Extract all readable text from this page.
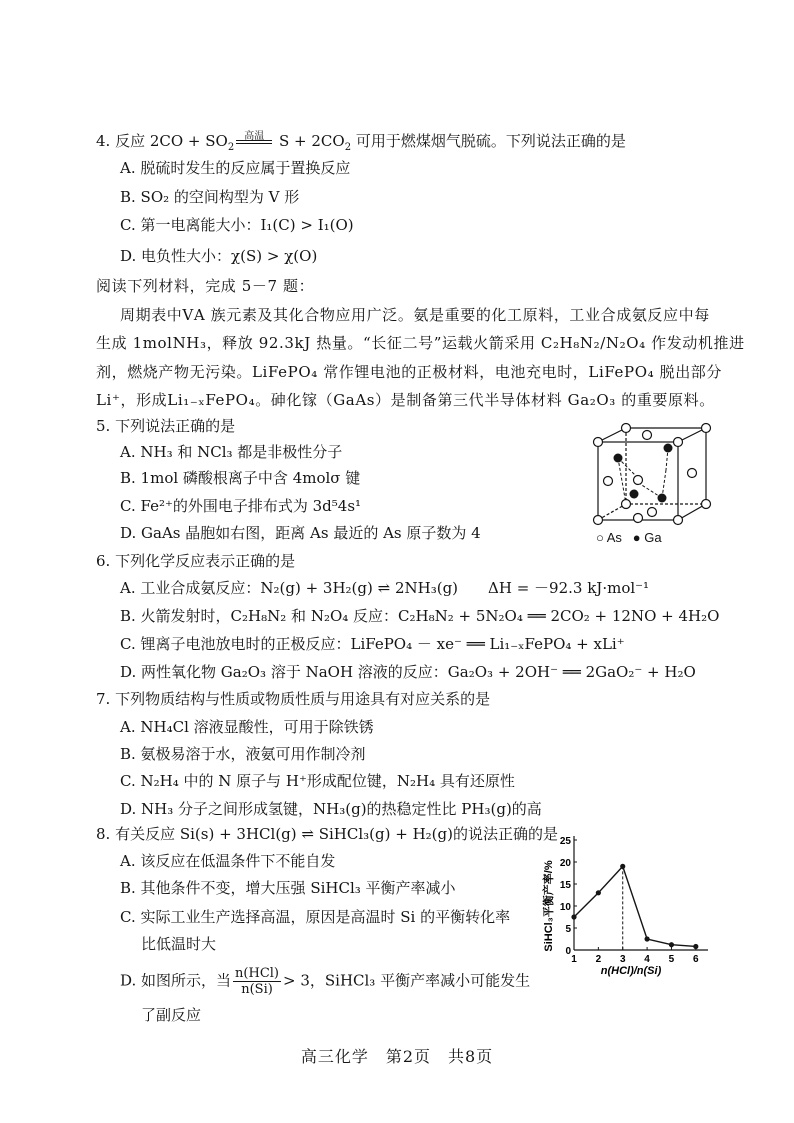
4. 反应 $2CO + SO_2$
高温 $S + 2CO_2$ 可用于燃煤烟气脱硫。下列说法正确的是
A. 脱硫时发生的反应属于置换反应
B. SO₂ 的空间构型为 V 形
C. 第一电离能大小：I₁(C) > I₁(O)
D. 电负性大小：χ(S) > χ(O)
阅读下列材料，完成 5－7 题：
周期表中ⅤA 族元素及其化合物应用广泛。氨是重要的化工原料，工业合成氨反应中每
生成 1molNH₃，释放 92.3kJ 热量。“长征二号”运载火箭采用 C₂H₈N₂/N₂O₄ 作发动机推进
剂，燃烧产物无污染。LiFePO₄ 常作锂电池的正极材料，电池充电时，LiFePO₄ 脱出部分
Li⁺，形成Li₁₋ₓFePO₄。砷化镓（GaAs）是制备第三代半导体材料 Ga₂O₃ 的重要原料。
5. 下列说法正确的是
A. NH₃ 和 NCl₃ 都是非极性分子
B. 1mol 磷酸根离子中含 4molσ 键
C. Fe²⁺的外围电子排布式为 3d⁵4s¹
D. GaAs 晶胞如右图，距离 As 最近的 As 原子数为 4	○ As ● Ga
6. 下列化学反应表示正确的是
A. 工业合成氨反应：N₂(g) + 3H₂(g) ⇌ 2NH₃(g)　　ΔH = －92.3 kJ·mol⁻¹
B. 火箭发射时，C₂H₈N₂ 和 N₂O₄ 反应：C₂H₈N₂ + 5N₂O₄ ══ 2CO₂ + 12NO + 4H₂O
C. 锂离子电池放电时的正极反应：LiFePO₄ － xe⁻ ══ Li₁₋ₓFePO₄ + xLi⁺
D. 两性氧化物 Ga₂O₃ 溶于 NaOH 溶液的反应：Ga₂O₃ + 2OH⁻ ══ 2GaO₂⁻ + H₂O
7. 下列物质结构与性质或物质性质与用途具有对应关系的是
A. NH₄Cl 溶液显酸性，可用于除铁锈
B. 氨极易溶于水，液氨可用作制冷剂
C. N₂H₄ 中的 N 原子与 H⁺形成配位键，N₂H₄ 具有还原性
D. NH₃ 分子之间形成氢键，NH₃(g)的热稳定性比 PH₃(g)的高
8. 有关反应 Si(s) + 3HCl(g) ⇌ SiHCl₃(g) + H₂(g)的说法正确的是
A. 该反应在低温条件下不能自发
B. 其他条件不变，增大压强 SiHCl₃ 平衡产率减小
C. 实际工业生产选择高温，原因是高温时 Si 的平衡转化率
比低温时大
D. 如图所示，当 $\frac{\text{n(HCl)}}{n(Si)} > 3$，SiHCl₃ 平衡产率减小可能发生
了副反应
SiHCl₃平衡产率/% 0
5
10
15
20
25
1 2 3 4 5 6
n(HCl)/n(Si)
高三化学　第2页　共8页
